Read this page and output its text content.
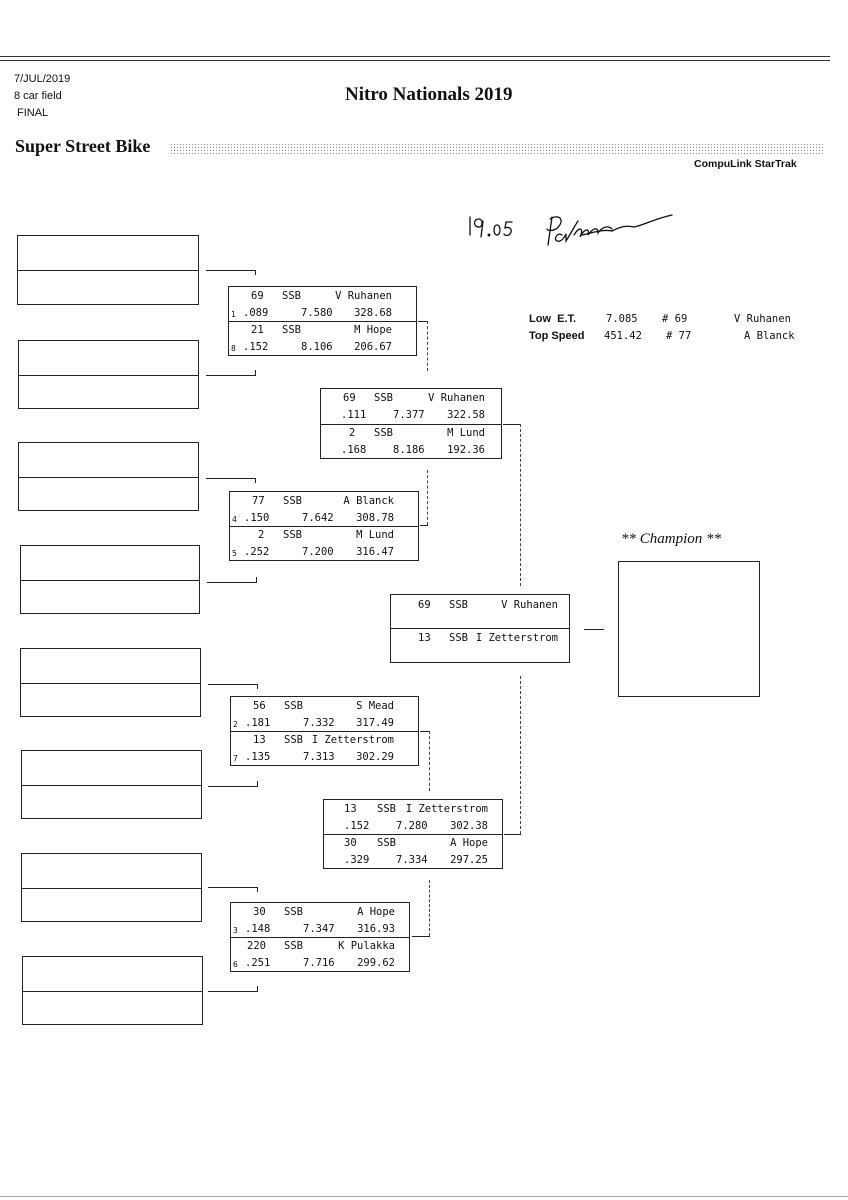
7/JUL/2019
8 car field
FINAL
Nitro Nationals 2019
Super Street Bike
CompuLink StarTrak
Low  E.T.	7.085 # 69	V Ruhanen
Top Speed 451.42 # 77	A Blanck
69 SSB	V Ruhanen
1 .089	7.580 328.68
21 SSB	M Hope
8 .152	8.106 206.67
77 SSB	A Blanck
4 .150	7.642 308.78
2 SSB	M Lund
5 .252	7.200 316.47
56 SSB	S Mead
2 .181	7.332 317.49
13 SSB I Zetterstrom
7 .135	7.313 302.29
30 SSB	A Hope
3 .148	7.347 316.93
220 SSB	K Pulakka
6 .251	7.716 299.62
69 SSB	V Ruhanen
.111	7.377 322.58
2 SSB	M Lund
.168	8.186 192.36
13 SSB I Zetterstrom
.152	7.280 302.38
30 SSB	A Hope
.329	7.334 297.25
69 SSB	V Ruhanen
13 SSB I Zetterstrom
** Champion **
